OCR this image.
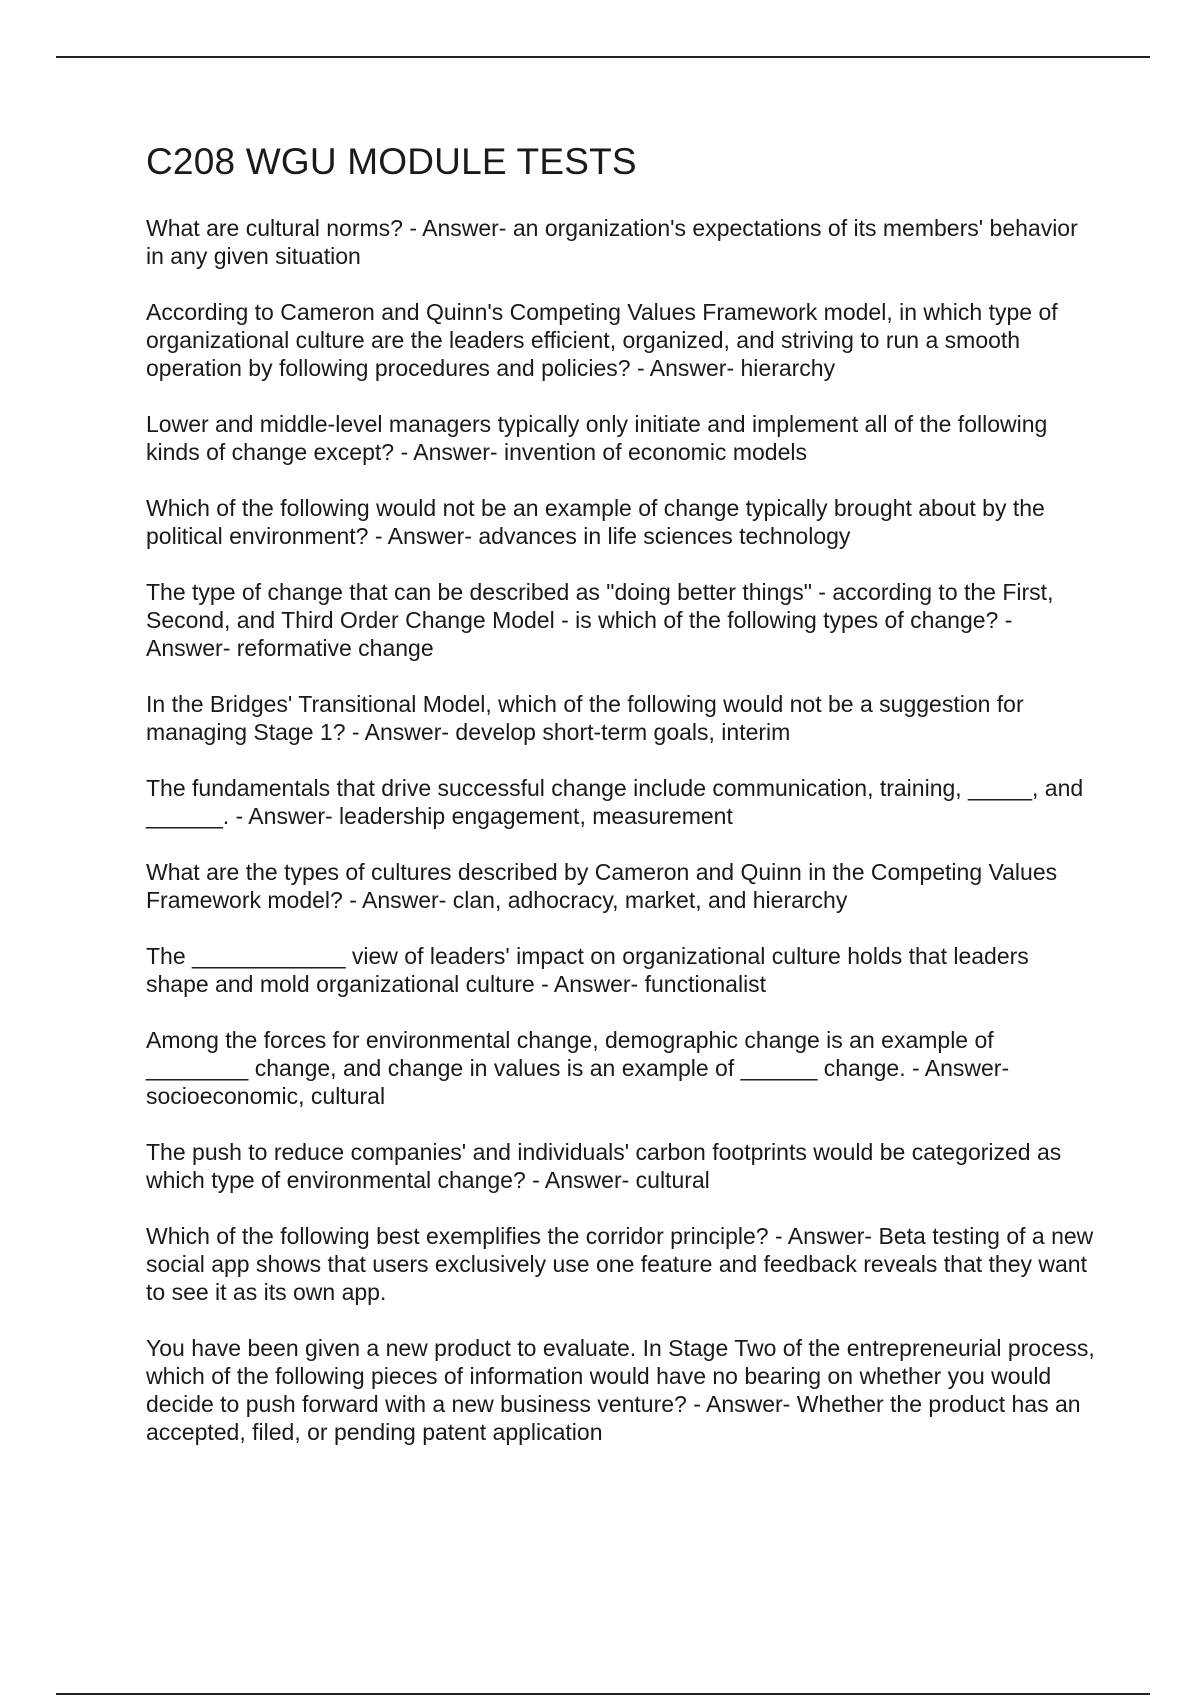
C208 WGU MODULE TESTS

What are cultural norms? - Answer- an organization's expectations of its members' behavior in any given situation

According to Cameron and Quinn's Competing Values Framework model, in which type of organizational culture are the leaders efficient, organized, and striving to run a smooth operation by following procedures and policies? - Answer- hierarchy

Lower and middle-level managers typically only initiate and implement all of the following kinds of change except? - Answer- invention of economic models

Which of the following would not be an example of change typically brought about by the political environment? - Answer- advances in life sciences technology

The type of change that can be described as "doing better things" - according to the First, Second, and Third Order Change Model - is which of the following types of change? - Answer- reformative change

In the Bridges' Transitional Model, which of the following would not be a suggestion for managing Stage 1? - Answer- develop short-term goals, interim

The fundamentals that drive successful change include communication, training, _____, and ______. - Answer- leadership engagement, measurement

What are the types of cultures described by Cameron and Quinn in the Competing Values Framework model? - Answer- clan, adhocracy, market, and hierarchy

The ____________ view of leaders' impact on organizational culture holds that leaders shape and mold organizational culture - Answer- functionalist

Among the forces for environmental change, demographic change is an example of ________ change, and change in values is an example of ______ change. - Answer- socioeconomic, cultural

The push to reduce companies' and individuals' carbon footprints would be categorized as which type of environmental change? - Answer- cultural

Which of the following best exemplifies the corridor principle? - Answer- Beta testing of a new social app shows that users exclusively use one feature and feedback reveals that they want to see it as its own app.

You have been given a new product to evaluate. In Stage Two of the entrepreneurial process, which of the following pieces of information would have no bearing on whether you would decide to push forward with a new business venture? - Answer- Whether the product has an accepted, filed, or pending patent application
